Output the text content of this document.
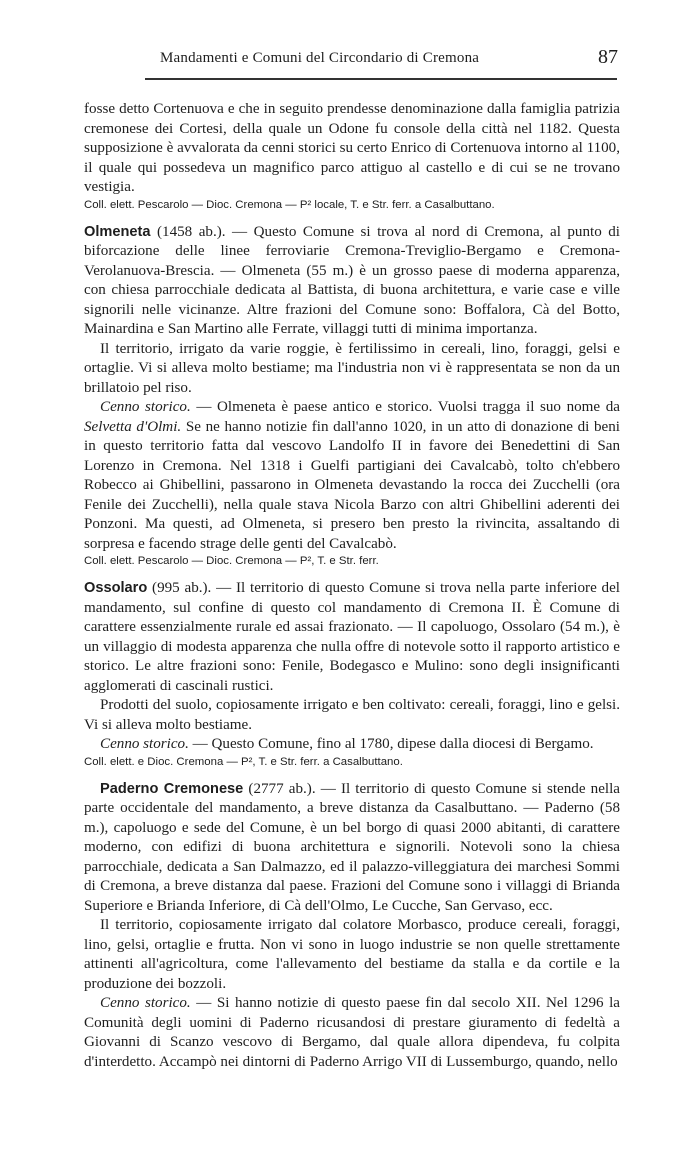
Mandamenti e Comuni del Circondario di Cremona	87

fosse detto Cortenuova e che in seguito prendesse denominazione dalla famiglia patrizia cremonese dei Cortesi, della quale un Odone fu console della città nel 1182. Questa supposizione è avvalorata da cenni storici su certo Enrico di Cortenuova intorno al 1100, il quale qui possedeva un magnifico parco attiguo al castello e di cui se ne trovano vestigia.

Coll. elett. Pescarolo — Dioc. Cremona — P² locale, T. e Str. ferr. a Casalbuttano.

Olmeneta (1458 ab.). — Questo Comune si trova al nord di Cremona, al punto di biforcazione delle linee ferroviarie Cremona-Treviglio-Bergamo e Cremona-Verolanuova-Brescia. — Olmeneta (55 m.) è un grosso paese di moderna apparenza, con chiesa parrocchiale dedicata al Battista, di buona architettura, e varie case e ville signorili nelle vicinanze. Altre frazioni del Comune sono: Boffalora, Cà del Botto, Mainardina e San Martino alle Ferrate, villaggi tutti di minima importanza.

Il territorio, irrigato da varie roggie, è fertilissimo in cereali, lino, foraggi, gelsi e ortaglie. Vi si alleva molto bestiame; ma l'industria non vi è rappresentata se non da un brillatoio pel riso.

Cenno storico. — Olmeneta è paese antico e storico. Vuolsi tragga il suo nome da Selvetta d'Olmi. Se ne hanno notizie fin dall'anno 1020, in un atto di donazione di beni in questo territorio fatta dal vescovo Landolfo II in favore dei Benedettini di San Lorenzo in Cremona. Nel 1318 i Guelfi partigiani dei Cavalcabò, tolto ch'ebbero Robecco ai Ghibellini, passarono in Olmeneta devastando la rocca dei Zucchelli (ora Fenile dei Zucchelli), nella quale stava Nicola Barzo con altri Ghibellini aderenti dei Ponzoni. Ma questi, ad Olmeneta, si presero ben presto la rivincita, assaltando di sorpresa e facendo strage delle genti del Cavalcabò.

Coll. elett. Pescarolo — Dioc. Cremona — P², T. e Str. ferr.

Ossolaro (995 ab.). — Il territorio di questo Comune si trova nella parte inferiore del mandamento, sul confine di questo col mandamento di Cremona II. È Comune di carattere essenzialmente rurale ed assai frazionato. — Il capoluogo, Ossolaro (54 m.), è un villaggio di modesta apparenza che nulla offre di notevole sotto il rapporto artistico e storico. Le altre frazioni sono: Fenile, Bodegasco e Mulino: sono degli insignificanti agglomerati di cascinali rustici.

Prodotti del suolo, copiosamente irrigato e ben coltivato: cereali, foraggi, lino e gelsi. Vi si alleva molto bestiame.

Cenno storico. — Questo Comune, fino al 1780, dipese dalla diocesi di Bergamo.

Coll. elett. e Dioc. Cremona — P², T. e Str. ferr. a Casalbuttano.

Paderno Cremonese (2777 ab.). — Il territorio di questo Comune si stende nella parte occidentale del mandamento, a breve distanza da Casalbuttano. — Paderno (58 m.), capoluogo e sede del Comune, è un bel borgo di quasi 2000 abitanti, di carattere moderno, con edifizi di buona architettura e signorili. Notevoli sono la chiesa parrocchiale, dedicata a San Dalmazzo, ed il palazzo-villeggiatura dei marchesi Sommi di Cremona, a breve distanza dal paese. Frazioni del Comune sono i villaggi di Brianda Superiore e Brianda Inferiore, di Cà dell'Olmo, Le Cucche, San Gervaso, ecc.

Il territorio, copiosamente irrigato dal colatore Morbasco, produce cereali, foraggi, lino, gelsi, ortaglie e frutta. Non vi sono in luogo industrie se non quelle strettamente attinenti all'agricoltura, come l'allevamento del bestiame da stalla e da cortile e la produzione dei bozzoli.

Cenno storico. — Si hanno notizie di questo paese fin dal secolo XII. Nel 1296 la Comunità degli uomini di Paderno ricusandosi di prestare giuramento di fedeltà a Giovanni di Scanzo vescovo di Bergamo, dal quale allora dipendeva, fu colpita d'interdetto. Accampò nei dintorni di Paderno Arrigo VII di Lussemburgo, quando, nello
